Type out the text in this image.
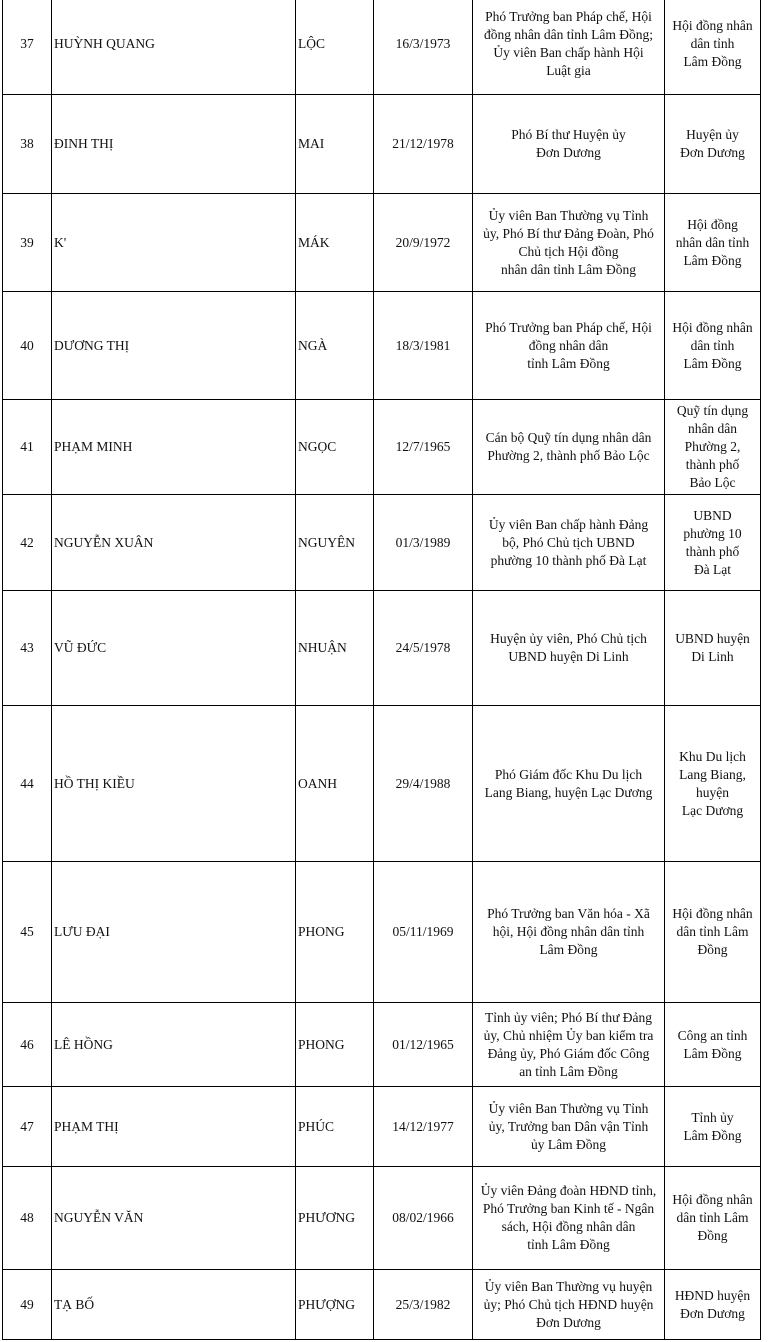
37	HUỲNH QUANG	LỘC	16/3/1973	Phó Trưởng ban Pháp chế, Hội
đồng nhân dân tỉnh Lâm Đồng;
Ủy viên Ban chấp hành Hội
Luật gia	Hội đồng nhân
dân tỉnh
Lâm Đồng

38	ĐINH THỊ	MAI	21/12/1978	Phó Bí thư Huyện ủy
Đơn Dương	Huyện ủy
Đơn Dương

39	K'	MÁK	20/9/1972	Ủy viên Ban Thường vụ Tỉnh
ủy, Phó Bí thư Đảng Đoàn, Phó
Chủ tịch Hội đồng
nhân dân tỉnh Lâm Đồng	Hội đồng
nhân dân tỉnh
Lâm Đồng

40	DƯƠNG THỊ	NGÀ	18/3/1981	Phó Trưởng ban Pháp chế, Hội
đồng nhân dân
tỉnh Lâm Đồng	Hội đồng nhân
dân tỉnh
Lâm Đồng

41	PHẠM MINH	NGỌC	12/7/1965	Cán bộ Quỹ tín dụng nhân dân
Phường 2, thành phố Bảo Lộc	Quỹ tín dụng
nhân dân
Phường 2,
thành phố
Bảo Lộc

42	NGUYỄN XUÂN	NGUYÊN	01/3/1989	Ủy viên Ban chấp hành Đảng
bộ, Phó Chủ tịch UBND
phường 10 thành phố Đà Lạt	UBND
phường 10
thành phố
Đà Lạt

43	VŨ ĐỨC	NHUẬN	24/5/1978	Huyện ủy viên, Phó Chủ tịch
UBND huyện Di Linh	UBND huyện
Di Linh

44	HỒ THỊ KIỀU	OANH	29/4/1988	Phó Giám đốc Khu Du lịch
Lang Biang, huyện Lạc Dương	Khu Du lịch
Lang Biang,
huyện
Lạc Dương

45	LƯU ĐẠI	PHONG	05/11/1969	Phó Trưởng ban Văn hóa - Xã
hội, Hội đồng nhân dân tỉnh
Lâm Đồng	Hội đồng nhân
dân tỉnh Lâm
Đồng

46	LÊ HỒNG	PHONG	01/12/1965	Tỉnh ủy viên; Phó Bí thư Đảng
ủy, Chủ nhiệm Ủy ban kiểm tra
Đảng ủy, Phó Giám đốc Công
an tỉnh Lâm Đồng	Công an tỉnh
Lâm Đồng

47	PHẠM THỊ	PHÚC	14/12/1977	Ủy viên Ban Thường vụ Tỉnh
ủy, Trưởng ban Dân vận Tỉnh
ủy Lâm Đồng	Tỉnh ủy
Lâm Đồng

48	NGUYỄN VĂN	PHƯƠNG	08/02/1966	Ủy viên Đảng đoàn HĐND tỉnh,
Phó Trưởng ban Kinh tế - Ngân
sách, Hội đồng nhân dân
tỉnh Lâm Đồng	Hội đồng nhân
dân tỉnh Lâm
Đồng

49	TẠ BỐ	PHƯỢNG	25/3/1982	Ủy viên Ban Thường vụ huyện
ủy; Phó Chủ tịch HĐND huyện
Đơn Dương	HĐND huyện
Đơn Dương
